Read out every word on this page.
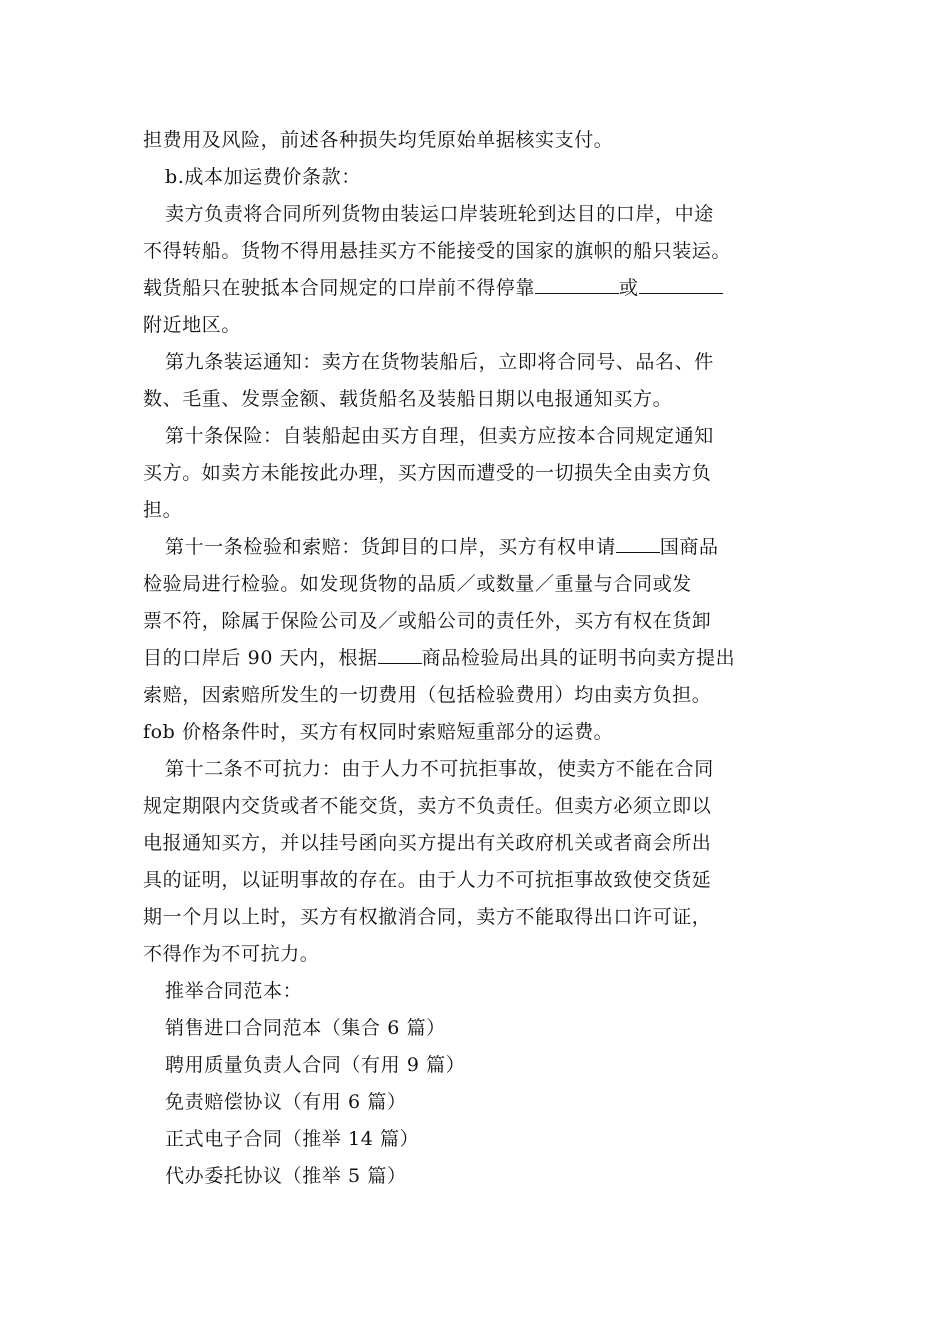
担费用及风险，前述各种损失均凭原始单据核实支付。

b.成本加运费价条款：

卖方负责将合同所列货物由装运口岸装班轮到达目的口岸，中途

不得转船。货物不得用悬挂买方不能接受的国家的旗帜的船只装运。

载货船只在驶抵本合同规定的口岸前不得停靠	或

附近地区。

第九条装运通知：卖方在货物装船后，立即将合同号、品名、件

数、毛重、发票金额、载货船名及装船日期以电报通知买方。

第十条保险：自装船起由买方自理，但卖方应按本合同规定通知

买方。如卖方未能按此办理，买方因而遭受的一切损失全由卖方负

担。

第十一条检验和索赔：货卸目的口岸，买方有权申请 国商品

检验局进行检验。如发现货物的品质／或数量／重量与合同或发

票不符，除属于保险公司及／或船公司的责任外，买方有权在货卸

目的口岸后 90 天内，根据 商品检验局出具的证明书向卖方提出

索赔，因索赔所发生的一切费用（包括检验费用）均由卖方负担。

fob 价格条件时，买方有权同时索赔短重部分的运费。

第十二条不可抗力：由于人力不可抗拒事故，使卖方不能在合同

规定期限内交货或者不能交货，卖方不负责任。但卖方必须立即以

电报通知买方，并以挂号函向买方提出有关政府机关或者商会所出

具的证明，以证明事故的存在。由于人力不可抗拒事故致使交货延

期一个月以上时，买方有权撤消合同，卖方不能取得出口许可证，

不得作为不可抗力。

推举合同范本：

销售进口合同范本（集合 6 篇）

聘用质量负责人合同（有用 9 篇）

免责赔偿协议（有用 6 篇）

正式电子合同（推举 14 篇）

代办委托协议（推举 5 篇）
